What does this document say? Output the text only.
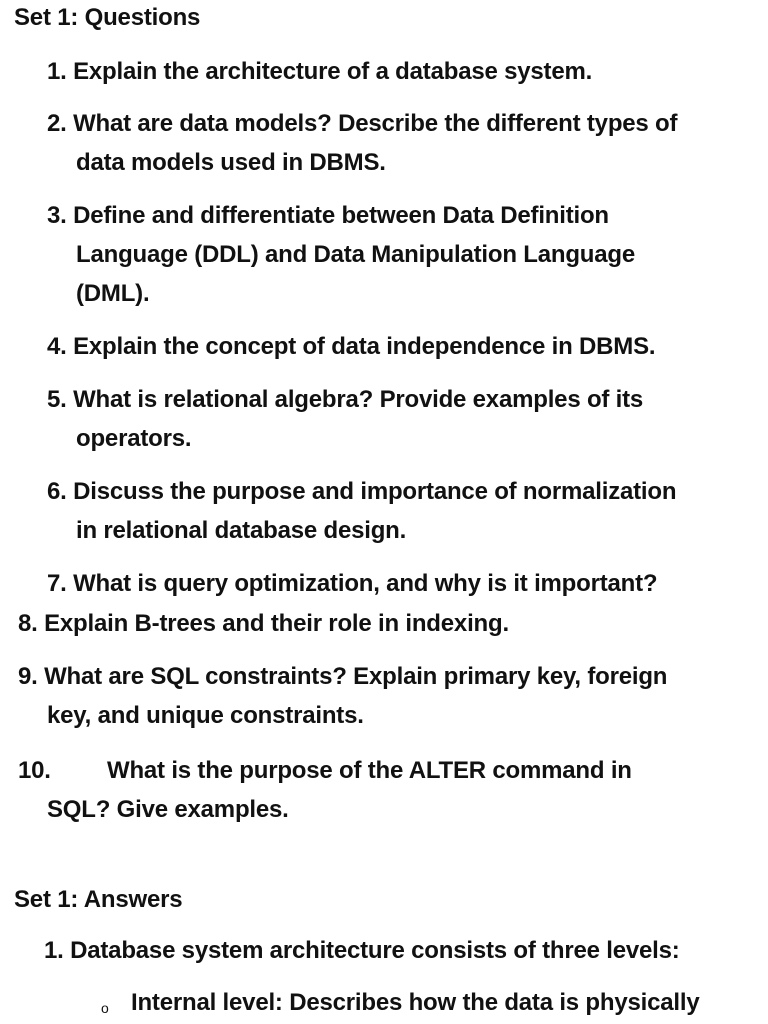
Set 1: Questions
1. Explain the architecture of a database system.
2. What are data models? Describe the different types of
data models used in DBMS.
3. Define and differentiate between Data Definition
Language (DDL) and Data Manipulation Language
(DML).
4. Explain the concept of data independence in DBMS.
5. What is relational algebra? Provide examples of its
operators.
6. Discuss the purpose and importance of normalization
in relational database design.
7. What is query optimization, and why is it important?
8. Explain B-trees and their role in indexing.
9. What are SQL constraints? Explain primary key, foreign
key, and unique constraints.
10. What is the purpose of the ALTER command in
SQL? Give examples.
Set 1: Answers
1. Database system architecture consists of three levels:
o Internal level: Describes how the data is physically
